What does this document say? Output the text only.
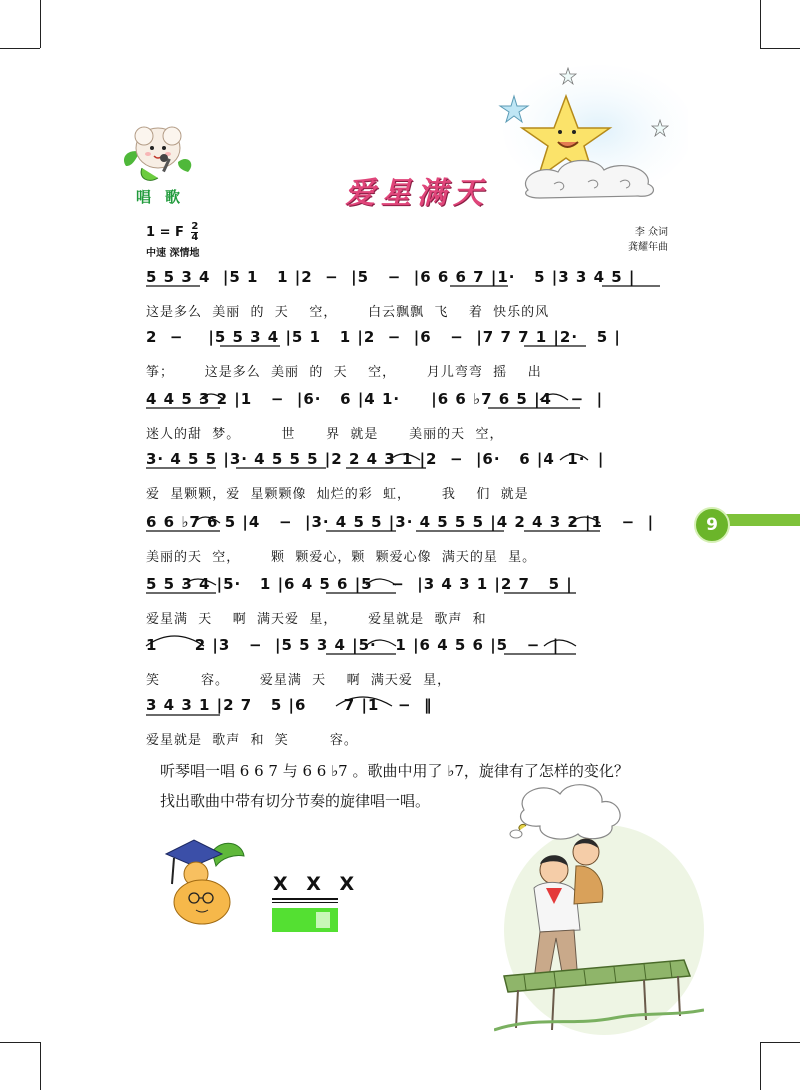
唱歌	爱星满天
1 = F $\frac{2}{4}$
中速 深情地
李 众词
龚耀年曲
5 5 3 4  |5 1   1 |2  −  |5   −  |6 6 6 7 |1·   5 |3 3 4 5 |
这是多么  美丽  的  天    空，      白云飘飘  飞    着  快乐的风
2  −    |5 5 3 4 |5 1   1 |2  −  |6   −  |7 7 7 1 |2·   5 |
筝；      这是多么  美丽  的  天    空，      月儿弯弯  摇    出
4 4 5 3 2 |1   −  |6·   6 |4 1·     |6 6 ♭7 6 5 |4   −  |
迷人的甜  梦。        世      界  就是      美丽的天  空，
3· 4 5 5 |3· 4 5 5 5 |2 2 4 3 1 |2  −  |6·   6 |4  1·  |
爱  星颗颗，爱  星颗颗像  灿烂的彩  虹，      我    们  就是
6 6 ♭7 6 5 |4   −  |3· 4 5 5 |3· 4 5 5 5 |4 2 4 3 2 |1   −  |
美丽的天  空，      颗  颗爱心，颗  颗爱心像  满天的星  星。
5 5 3 4 |5·   1 |6 4 5 6 |5   −  |3 4 3 1 |2 7   5 |
爱星满  天    啊  满天爱  星，      爱星就是  歌声  和
1      2 |3   −  |5 5 3 4 |5·   1 |6 4 5 6 |5   −  |
笑        容。      爱星满  天    啊  满天爱  星，
3 4 3 1 |2 7   5 |6      7 |1   −  ‖
爱星就是  歌声  和  笑        容。
9
听琴唱一唱 6 6 7 与 6 6 ♭7 。歌曲中用了 ♭7，旋律有了怎样的变化？
找出歌曲中带有切分节奏的旋律唱一唱。
X X X
